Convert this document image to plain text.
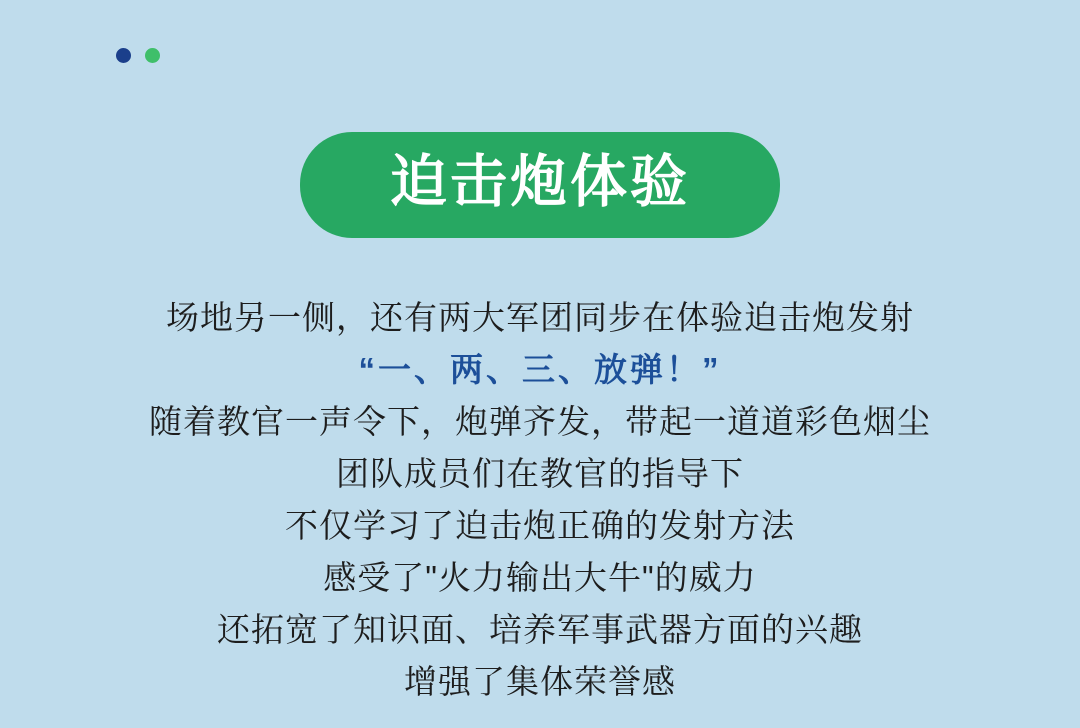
迫击炮体验
场地另一侧，还有两大军团同步在体验迫击炮发射
“一、两、三、放弹！”
随着教官一声令下，炮弹齐发，带起一道道彩色烟尘
团队成员们在教官的指导下
不仅学习了迫击炮正确的发射方法
感受了"火力输出大牛"的威力
还拓宽了知识面、培养军事武器方面的兴趣
增强了集体荣誉感
